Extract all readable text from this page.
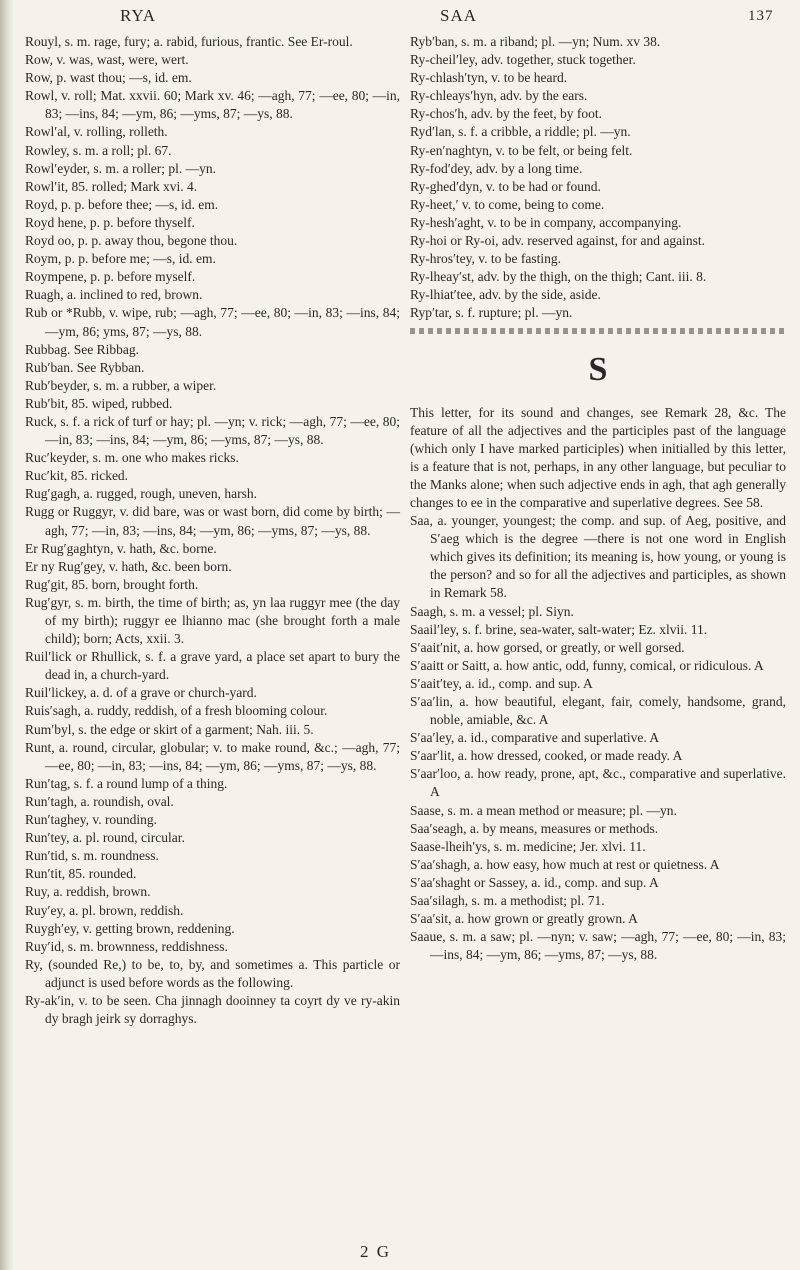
RYA	SAA	137

Rouyl, s. m. rage, fury; a. rabid, furious, frantic. See Er-roul.

Row, v. was, wast, were, wert.

Row, p. wast thou; —s, id. em.

Rowl, v. roll; Mat. xxvii. 60; Mark xv. 46; —agh, 77; —ee, 80; —in, 83; —ins, 84; —ym, 86; —yms, 87; —ys, 88.

Rowl′al, v. rolling, rolleth.

Rowley, s. m. a roll; pl. 67.

Rowl′eyder, s. m. a roller; pl. —yn.

Rowl′it, 85. rolled; Mark xvi. 4.

Royd, p. p. before thee; —s, id. em.

Royd hene, p. p. before thyself.

Royd oo, p. p. away thou, begone thou.

Roym, p. p. before me; —s, id. em.

Roympene, p. p. before myself.

Ruagh, a. inclined to red, brown.

Rub or *Rubb, v. wipe, rub; —agh, 77; —ee, 80; —in, 83; —ins, 84; —ym, 86; yms, 87; —ys, 88.

Rubbag. See Ribbag.

Rub′ban. See Rybban.

Rub′beyder, s. m. a rubber, a wiper.

Rub′bit, 85. wiped, rubbed.

Ruck, s. f. a rick of turf or hay; pl. —yn; v. rick; —agh, 77; —ee, 80; —in, 83; —ins, 84; —ym, 86; —yms, 87; —ys, 88.

Ruc′keyder, s. m. one who makes ricks.

Ruc′kit, 85. ricked.

Rug′gagh, a. rugged, rough, uneven, harsh.

Rugg or Ruggyr, v. did bare, was or wast born, did come by birth; —agh, 77; —in, 83; —ins, 84; —ym, 86; —yms, 87; —ys, 88.

Er Rug′gaghtyn, v. hath, &c. borne.

Er ny Rug′gey, v. hath, &c. been born.

Rug′git, 85. born, brought forth.

Rug′gyr, s. m. birth, the time of birth; as, yn laa ruggyr mee (the day of my birth); ruggyr ee lhianno mac (she brought forth a male child); born; Acts, xxii. 3.

Ruil′lick or Rhullick, s. f. a grave yard, a place set apart to bury the dead in, a church-yard.

Ruil′lickey, a. d. of a grave or church-yard.

Ruis′sagh, a. ruddy, reddish, of a fresh blooming colour.

Rum′byl, s. the edge or skirt of a garment; Nah. iii. 5.

Runt, a. round, circular, globular; v. to make round, &c.; —agh, 77; —ee, 80; —in, 83; —ins, 84; —ym, 86; —yms, 87; —ys, 88.

Run′tag, s. f. a round lump of a thing.

Run′tagh, a. roundish, oval.

Run′taghey, v. rounding.

Run′tey, a. pl. round, circular.

Run′tid, s. m. roundness.

Run′tit, 85. rounded.

Ruy, a. reddish, brown.

Ruy′ey, a. pl. brown, reddish.

Ruygh′ey, v. getting brown, reddening.

Ruy′id, s. m. brownness, reddishness.

Ry, (sounded Re,) to be, to, by, and sometimes a. This particle or adjunct is used before words as the following.

Ry-ak′in, v. to be seen. Cha jinnagh dooinney ta coyrt dy ve ry-akin dy bragh jeirk sy dorraghys.

Ryb′ban, s. m. a riband; pl. —yn; Num. xv 38.

Ry-cheil′ley, adv. together, stuck together.

Ry-chlash′tyn, v. to be heard.

Ry-chleays′hyn, adv. by the ears.

Ry-chos′h, adv. by the feet, by foot.

Ryd′lan, s. f. a cribble, a riddle; pl. —yn.

Ry-en′naghtyn, v. to be felt, or being felt.

Ry-fod′dey, adv. by a long time.

Ry-ghed′dyn, v. to be had or found.

Ry-heet,′ v. to come, being to come.

Ry-hesh′aght, v. to be in company, accompanying.

Ry-hoi or Ry-oi, adv. reserved against, for and against.

Ry-hros′tey, v. to be fasting.

Ry-lheay′st, adv. by the thigh, on the thigh; Cant. iii. 8.

Ry-lhiat′tee, adv. by the side, aside.

Ryp′tar, s. f. rupture; pl. —yn.

S

This letter, for its sound and changes, see Remark 28, &c. The feature of all the adjectives and the participles past of the language (which only I have marked participles) when initialled by this letter, is a feature that is not, perhaps, in any other language, but peculiar to the Manks alone; when such adjective ends in agh, that agh generally changes to ee in the comparative and superlative degrees. See 58.

Saa, a. younger, youngest; the comp. and sup. of Aeg, positive, and S′aeg which is the degree —there is not one word in English which gives its definition; its meaning is, how young, or young is the person? and so for all the adjectives and participles, as shown in Remark 58.

Saagh, s. m. a vessel; pl. Siyn.

Saail′ley, s. f. brine, sea-water, salt-water; Ez. xlvii. 11.

S′aait′nit, a. how gorsed, or greatly, or well gorsed.

S′aaitt or Saitt, a. how antic, odd, funny, comical, or ridiculous. A

S′aait′tey, a. id., comp. and sup. A

S′aa′lin, a. how beautiful, elegant, fair, comely, handsome, grand, noble, amiable, &c. A

S′aa′ley, a. id., comparative and superlative. A

S′aar′lit, a. how dressed, cooked, or made ready. A

S′aar′loo, a. how ready, prone, apt, &c., comparative and superlative. A

Saase, s. m. a mean method or measure; pl. —yn.

Saa′seagh, a. by means, measures or methods.

Saase-lheih′ys, s. m. medicine; Jer. xlvi. 11.

S′aa′shagh, a. how easy, how much at rest or quietness. A

S′aa′shaght or Sassey, a. id., comp. and sup. A

Saa′silagh, s. m. a methodist; pl. 71.

S′aa′sit, a. how grown or greatly grown. A

Saaue, s. m. a saw; pl. —nyn; v. saw; —agh, 77; —ee, 80; —in, 83; —ins, 84; —ym, 86; —yms, 87; —ys, 88.

2 G
